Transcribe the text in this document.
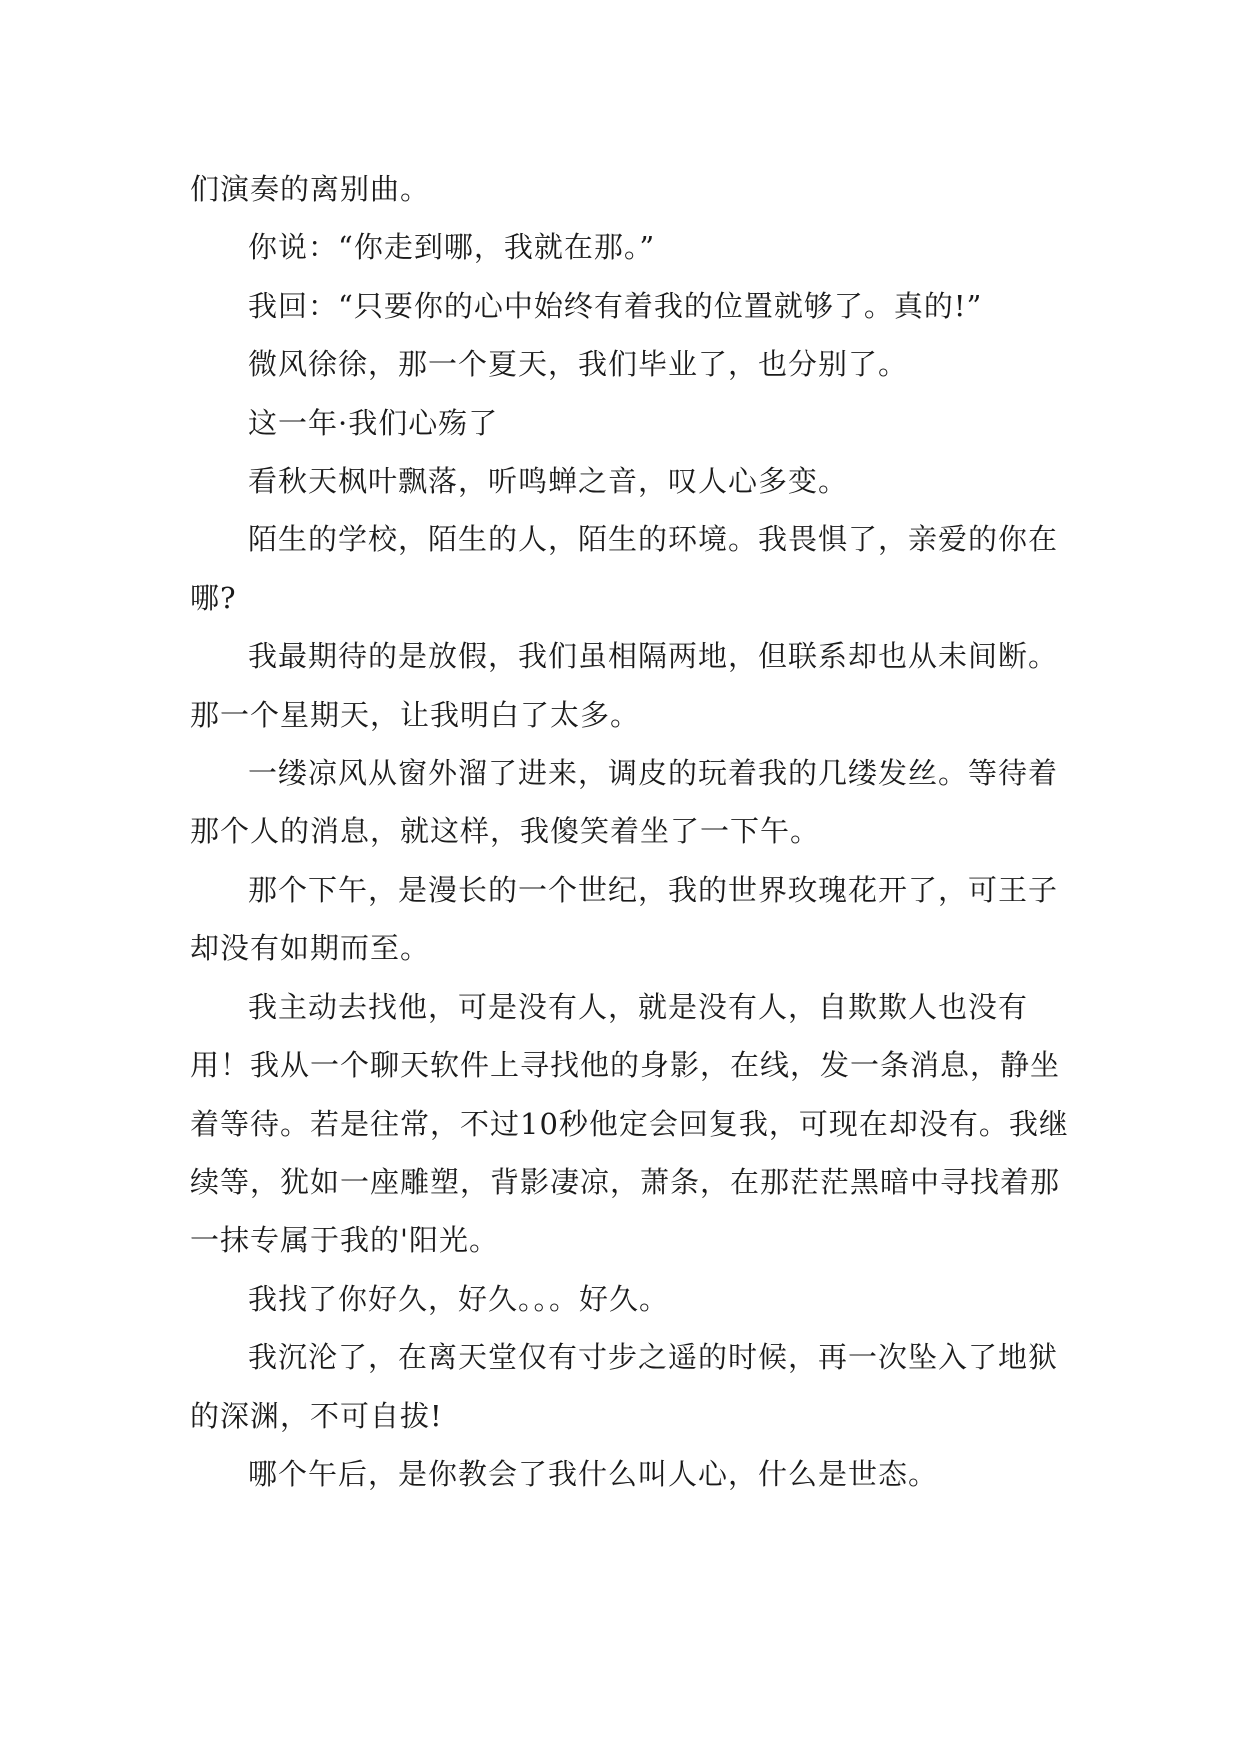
们演奏的离别曲。

你说：“你走到哪，我就在那。”

我回：“只要你的心中始终有着我的位置就够了。真的!”

微风徐徐，那一个夏天，我们毕业了，也分别了。

这一年·我们心殇了

看秋天枫叶飘落，听鸣蝉之音，叹人心多变。

陌生的学校，陌生的人，陌生的环境。我畏惧了，亲爱的你在哪?

我最期待的是放假，我们虽相隔两地，但联系却也从未间断。那一个星期天，让我明白了太多。

一缕凉风从窗外溜了进来，调皮的玩着我的几缕发丝。等待着那个人的消息，就这样，我傻笑着坐了一下午。

那个下午，是漫长的一个世纪，我的世界玫瑰花开了，可王子却没有如期而至。

我主动去找他，可是没有人，就是没有人，自欺欺人也没有用！我从一个聊天软件上寻找他的身影，在线，发一条消息，静坐着等待。若是往常，不过10秒他定会回复我，可现在却没有。我继续等，犹如一座雕塑，背影凄凉，萧条，在那茫茫黑暗中寻找着那一抹专属于我的'阳光。

我找了你好久，好久。。。好久。

我沉沦了，在离天堂仅有寸步之遥的时候，再一次坠入了地狱的深渊，不可自拔!

哪个午后，是你教会了我什么叫人心，什么是世态。
